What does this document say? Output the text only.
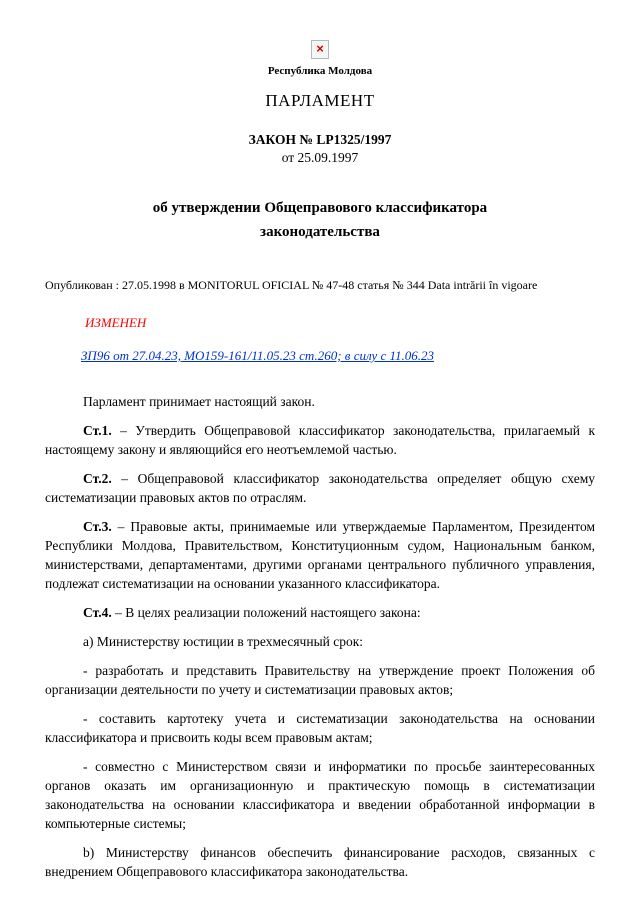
×
Республика Молдова
ПАРЛАМЕНТ
ЗАКОН № LP1325/1997
от 25.09.1997
об утверждении Общеправового классификатора
законодательства
Опубликован : 27.05.1998 в MONITORUL OFICIAL № 47-48 статья № 344 Data intrării în vigoare
ИЗМЕНЕН
ЗП96 от 27.04.23, МО159-161/11.05.23 ст.260; в силу с 11.06.23

Парламент принимает настоящий закон.

Ст.1. – Утвердить Общеправовой классификатор законодательства, прилагаемый к настоящему закону и являющийся его неотъемлемой частью.

Ст.2. – Общеправовой классификатор законодательства определяет общую схему систематизации правовых актов по отраслям.

Ст.3. – Правовые акты, принимаемые или утверждаемые Парламентом, Президентом Республики Молдова, Правительством, Конституционным судом, Национальным банком, министерствами, департаментами, другими органами центрального публичного управления, подлежат систематизации на основании указанного классификатора.

Ст.4. – В целях реализации положений настоящего закона:

а) Министерству юстиции в трехмесячный срок:

- разработать и представить Правительству на утверждение проект Положения об организации деятельности по учету и систематизации правовых актов;

- составить картотеку учета и систематизации законодательства на основании классификатора и присвоить коды всем правовым актам;

- совместно с Министерством связи и информатики по просьбе заинтересованных органов оказать им организационную и практическую помощь в систематизации законодательства на основании классификатора и введении обработанной информации в компьютерные системы;

b) Министерству финансов обеспечить финансирование расходов, связанных с внедрением Общеправового классификатора законодательства.
